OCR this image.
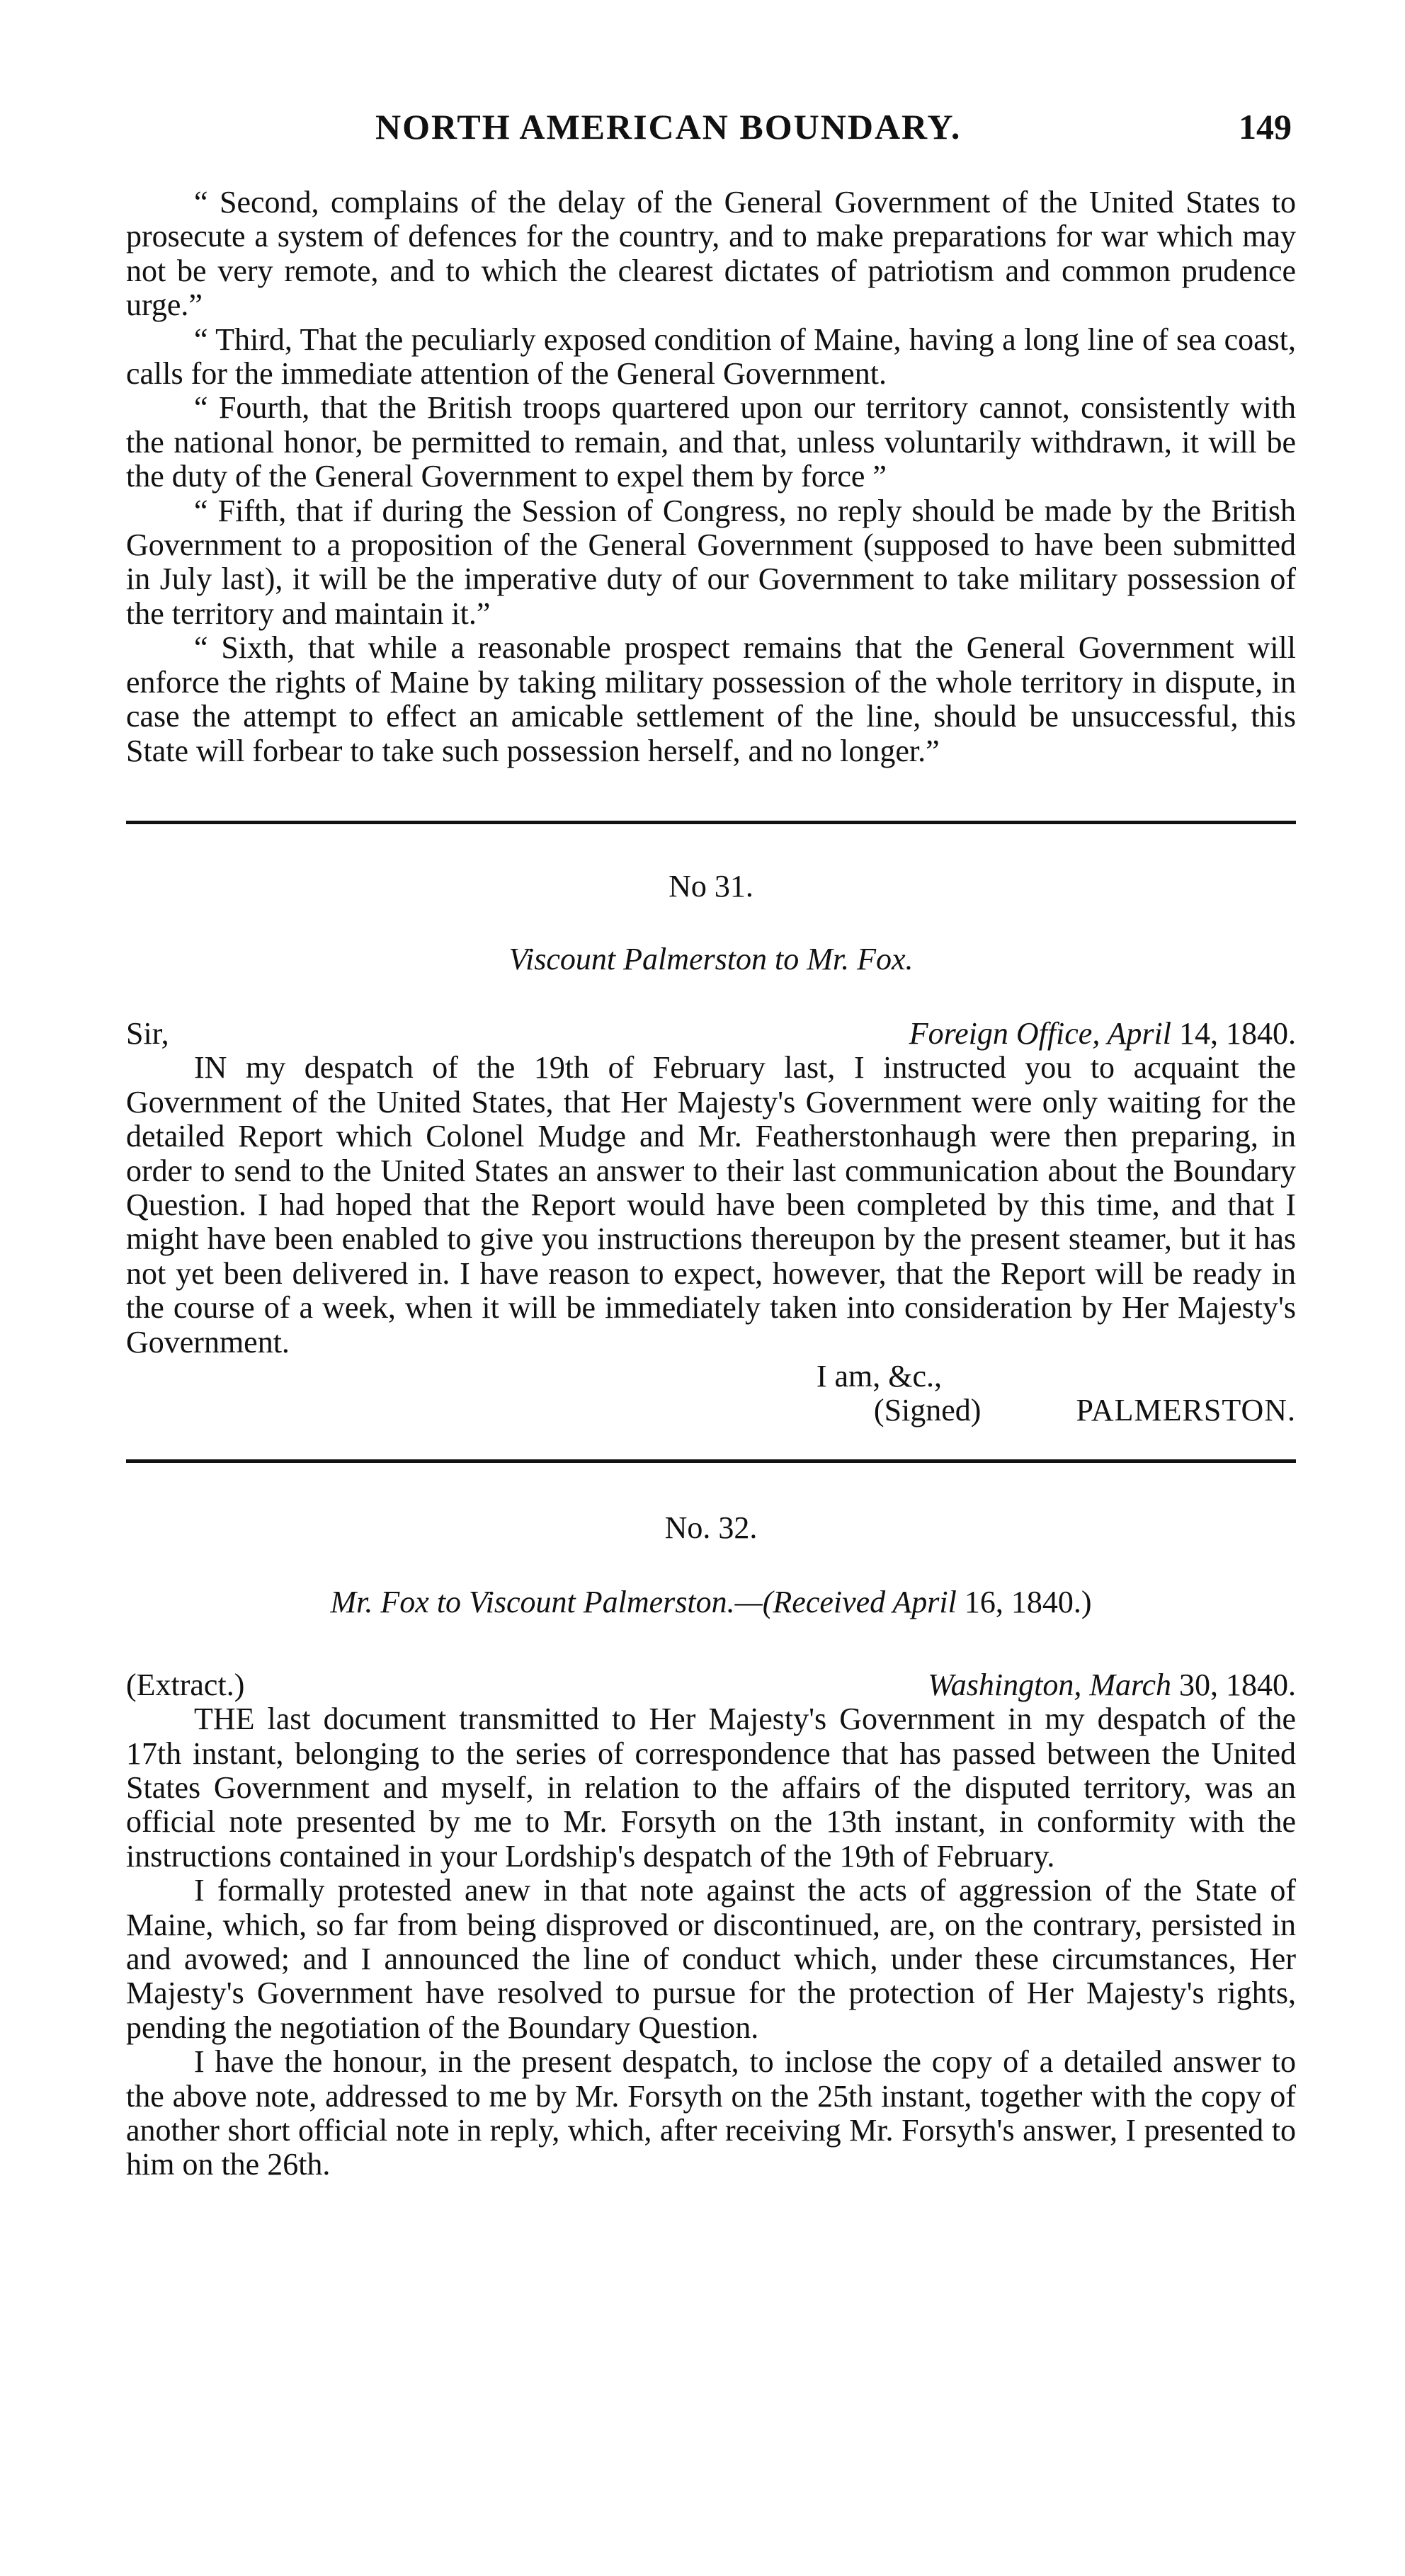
NORTH AMERICAN BOUNDARY.	149

“ Second, complains of the delay of the General Government of the United States to prosecute a system of defences for the country, and to make preparations for war which may not be very remote, and to which the clearest dictates of patriotism and common prudence urge.”

“ Third, That the peculiarly exposed condition of Maine, having a long line of sea coast, calls for the immediate attention of the General Government.

“ Fourth, that the British troops quartered upon our territory cannot, consistently with the national honor, be permitted to remain, and that, unless voluntarily withdrawn, it will be the duty of the General Government to expel them by force ”

“ Fifth, that if during the Session of Congress, no reply should be made by the British Government to a proposition of the General Government (supposed to have been submitted in July last), it will be the imperative duty of our Government to take military possession of the territory and maintain it.”

“ Sixth, that while a reasonable prospect remains that the General Government will enforce the rights of Maine by taking military possession of the whole territory in dispute, in case the attempt to effect an amicable settlement of the line, should be unsuccessful, this State will forbear to take such possession herself, and no longer.”

No 31.
Viscount Palmerston to Mr. Fox.
Sir,	Foreign Office, April 14, 1840.

IN my despatch of the 19th of February last, I instructed you to acquaint the Government of the United States, that Her Majesty's Government were only waiting for the detailed Report which Colonel Mudge and Mr. Featherstonhaugh were then preparing, in order to send to the United States an answer to their last communication about the Boundary Question. I had hoped that the Report would have been completed by this time, and that I might have been enabled to give you instructions thereupon by the present steamer, but it has not yet been delivered in. I have reason to expect, however, that the Report will be ready in the course of a week, when it will be immediately taken into consideration by Her Majesty's Government.

I am, &c.,
(Signed)	PALMERSTON.
No. 32.
Mr. Fox to Viscount Palmerston.—(Received April 16, 1840.)
(Extract.)	Washington, March 30, 1840.

THE last document transmitted to Her Majesty's Government in my despatch of the 17th instant, belonging to the series of correspondence that has passed between the United States Government and myself, in relation to the affairs of the disputed territory, was an official note presented by me to Mr. Forsyth on the 13th instant, in conformity with the instructions contained in your Lordship's despatch of the 19th of February.

I formally protested anew in that note against the acts of aggression of the State of Maine, which, so far from being disproved or discontinued, are, on the contrary, persisted in and avowed; and I announced the line of conduct which, under these circumstances, Her Majesty's Government have resolved to pursue for the protection of Her Majesty's rights, pending the negotiation of the Boundary Question.

I have the honour, in the present despatch, to inclose the copy of a detailed answer to the above note, addressed to me by Mr. Forsyth on the 25th instant, together with the copy of another short official note in reply, which, after receiving Mr. Forsyth's answer, I presented to him on the 26th.
